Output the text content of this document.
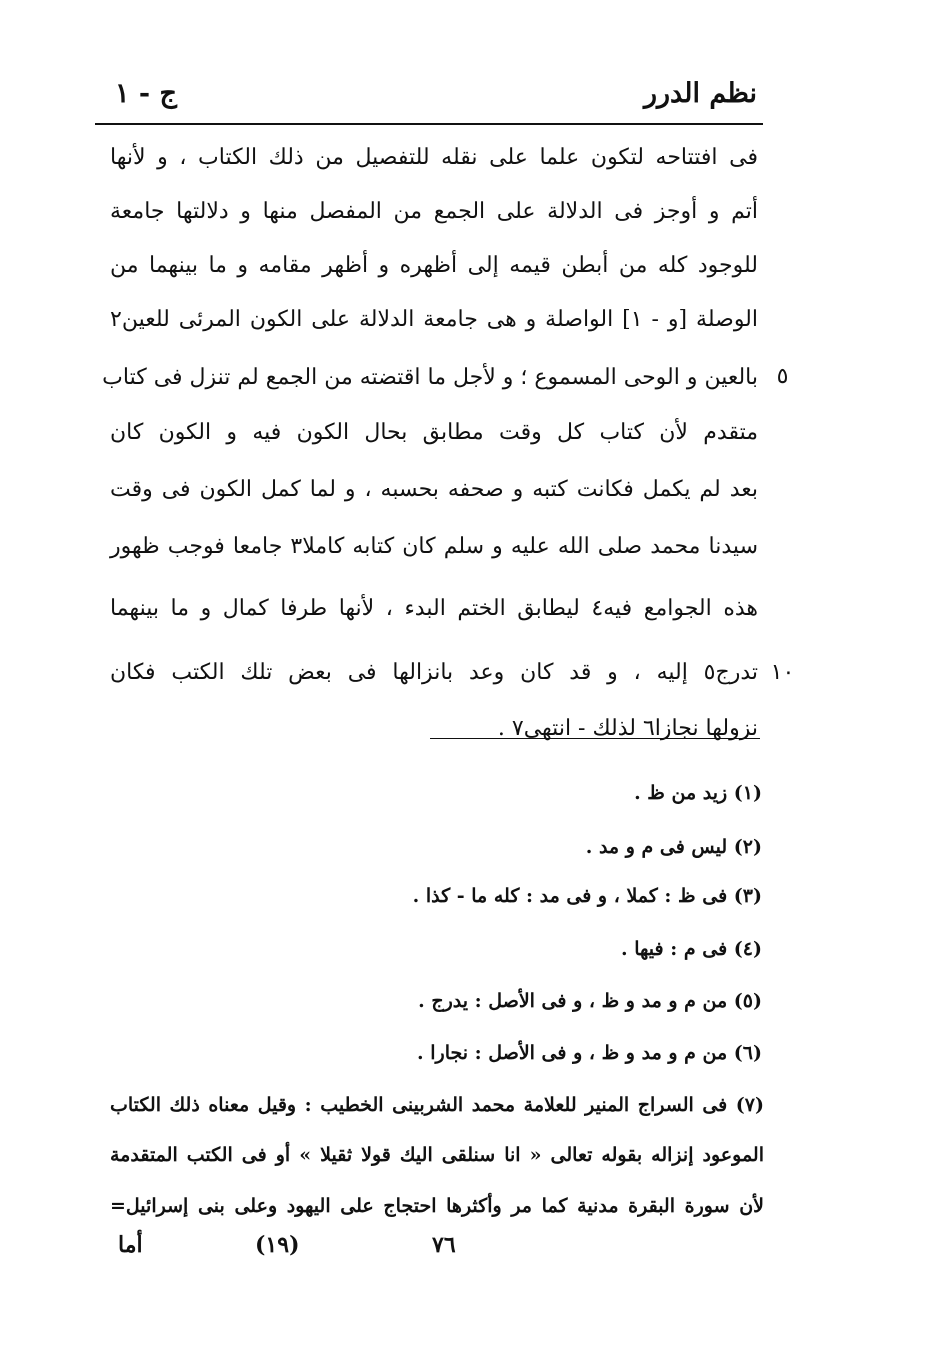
نظم الدرر
ج - ١
فى افتتاحه لتكون علما على نقله للتفصيل من ذلك الكتاب ، و لأنها
أتم و أوجز فى الدلالة على الجمع من المفصل منها و دلالتها جامعة
للوجود كله من أبطن قيمه إلى أظهره و أظهر مقامه و ما بينهما من
الوصلة [و - ١] الواصلة و هى جامعة الدلالة على الكون المرئى للعين٢
بالعين و الوحى المسموع ؛ و لأجل ما اقتضته من الجمع لم تنزل فى كتاب
متقدم لأن كتاب كل وقت مطابق بحال الكون فيه و الكون كان
بعد لم يكمل فكانت كتبه و صحفه بحسبه ، و لما كمل الكون فى وقت
سيدنا محمد صلى الله عليه و سلم كان كتابه كاملا٣ جامعا فوجب ظهور
هذه الجوامع فيه٤ ليطابق الختم البدء ، لأنها طرفا كمال و ما بينهما
تدرج٥ إليه ، و قد كان وعد بانزالها فى بعض تلك الكتب فكان
نزولها نجازا٦ لذلك - انتهى٧ .
٥
١٠
(١) زيد من ظ .
(٢) ليس فى م و مد .
(٣) فى ظ : كملا ، و فى مد : كله ما - كذا .
(٤) فى م : فيها .
(٥) من م و مد و ظ ، و فى الأصل : يدرج .
(٦) من م و مد و ظ ، و فى الأصل : نجارا .
(٧) فى السراج المنير للعلامة محمد الشربينى الخطيب : وقيل معناه ذلك الكتاب
الموعود إنزاله بقوله تعالى « انا سنلقى اليك قولا ثقيلا » أو فى الكتب المتقدمة
لأن سورة البقرة مدنية كما مر وأكثرها احتجاج على اليهود وعلى بنى إسرائيل=
أما	(١٩)	٧٦
